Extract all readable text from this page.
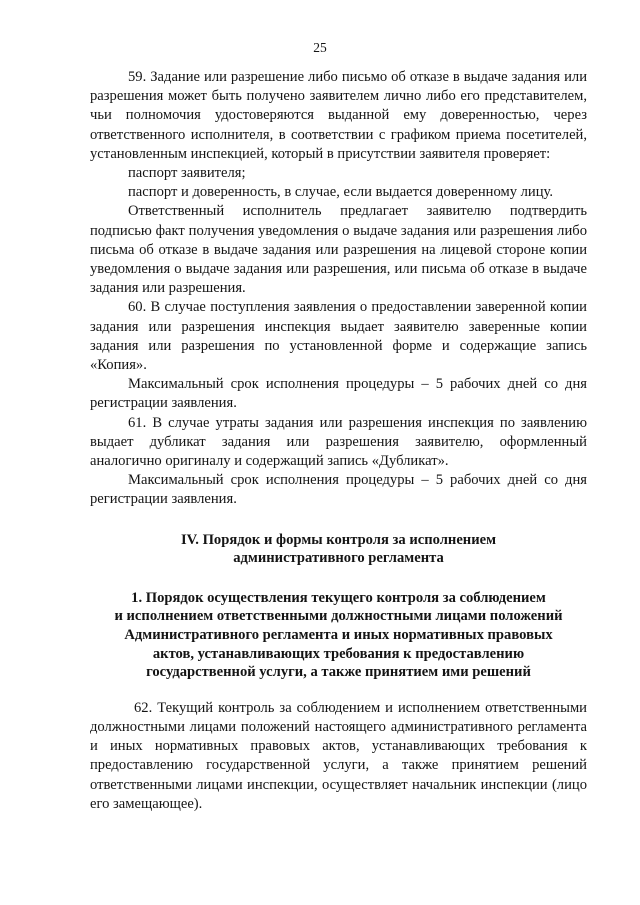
25

59. Задание или разрешение либо письмо об отказе в выдаче задания или разрешения может быть получено заявителем лично либо его представителем, чьи полномочия удостоверяются выданной ему доверенностью, через ответственного исполнителя, в соответствии с графиком приема посетителей, установленным инспекцией, который в присутствии заявителя проверяет:

паспорт заявителя;

паспорт и доверенность, в случае, если выдается доверенному лицу.

Ответственный исполнитель предлагает заявителю подтвердить подписью факт получения уведомления о выдаче задания или разрешения либо письма об отказе в выдаче задания или разрешения на лицевой стороне копии уведомления о выдаче задания или разрешения, или письма об отказе в выдаче задания или разрешения.

60. В случае поступления заявления о предоставлении заверенной копии задания или разрешения инспекция выдает заявителю заверенные копии задания или разрешения по установленной форме и содержащие запись «Копия».

Максимальный срок исполнения процедуры – 5 рабочих дней со дня регистрации заявления.

61. В случае утраты задания или разрешения инспекция по заявлению выдает дубликат задания или разрешения заявителю, оформленный аналогично оригиналу и содержащий запись «Дубликат».

Максимальный срок исполнения процедуры – 5 рабочих дней со дня регистрации заявления.

IV. Порядок и формы контроля за исполнением

административного регламента

1. Порядок осуществления текущего контроля за соблюдением

и исполнением ответственными должностными лицами положений

Административного регламента и иных нормативных правовых

актов, устанавливающих требования к предоставлению

государственной услуги, а также принятием ими решений

62. Текущий контроль за соблюдением и исполнением ответственными должностными лицами положений настоящего административного регламента и иных нормативных правовых актов, устанавливающих требования к предоставлению государственной услуги, а также принятием решений ответственными лицами инспекции, осуществляет начальник инспекции (лицо его замещающее).
